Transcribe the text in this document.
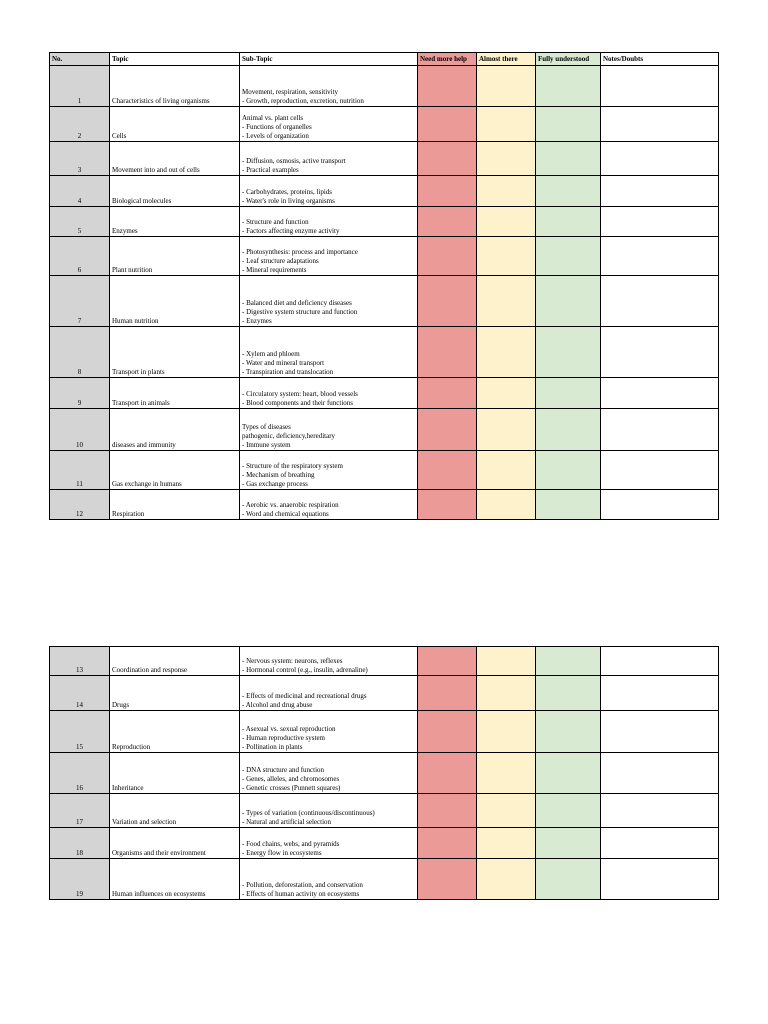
No.	Topic	Sub-Topic	Need more help	Almost there	Fully understood	Notes/Doubts
1	Characteristics of living organisms	Movement, respiration, sensitivity
- Growth, reproduction, excretion, nutrition				

2	Cells	Animal vs. plant cells
- Functions of organelles
- Levels of organization				

3	Movement into and out of cells	- Diffusion, osmosis, active transport
- Practical examples				

4	Biological molecules	- Carbohydrates, proteins, lipids
- Water's role in living organisms				

5	Enzymes	- Structure and function
- Factors affecting enzyme activity				

6	Plant nutrition	- Photosynthesis: process and importance
- Leaf structure adaptations
- Mineral requirements				

7	Human nutrition	- Balanced diet and deficiency diseases
- Digestive system structure and function
- Enzymes				

8	Transport in plants	- Xylem and phloem
- Water and mineral transport
- Transpiration and translocation				

9	Transport in animals	- Circulatory system: heart, blood vessels
- Blood components and their functions				

10	diseases and immunity	Types of diseases
pathogenic, deficiency,hereditary
- Immune system				

11	Gas exchange in humans	- Structure of the respiratory system
- Mechanism of breathing
- Gas exchange process				

12	Respiration	- Aerobic vs. anaerobic respiration
- Word and chemical equations				

13	Coordination and response	- Nervous system: neurons, reflexes
- Hormonal control (e.g., insulin, adrenaline)				

14	Drugs	- Effects of medicinal and recreational drugs
- Alcohol and drug abuse				

15	Reproduction	- Asexual vs. sexual reproduction
- Human reproductive system
- Pollination in plants				

16	Inheritance	- DNA structure and function
- Genes, alleles, and chromosomes
- Genetic crosses (Punnett squares)				

17	Variation and selection	- Types of variation (continuous/discontinuous)
- Natural and artificial selection				

18	Organisms and their environment	- Food chains, webs, and pyramids
- Energy flow in ecosystems				

19	Human influences on ecosystems	- Pollution, deforestation, and conservation
- Effects of human activity on ecosystems				
